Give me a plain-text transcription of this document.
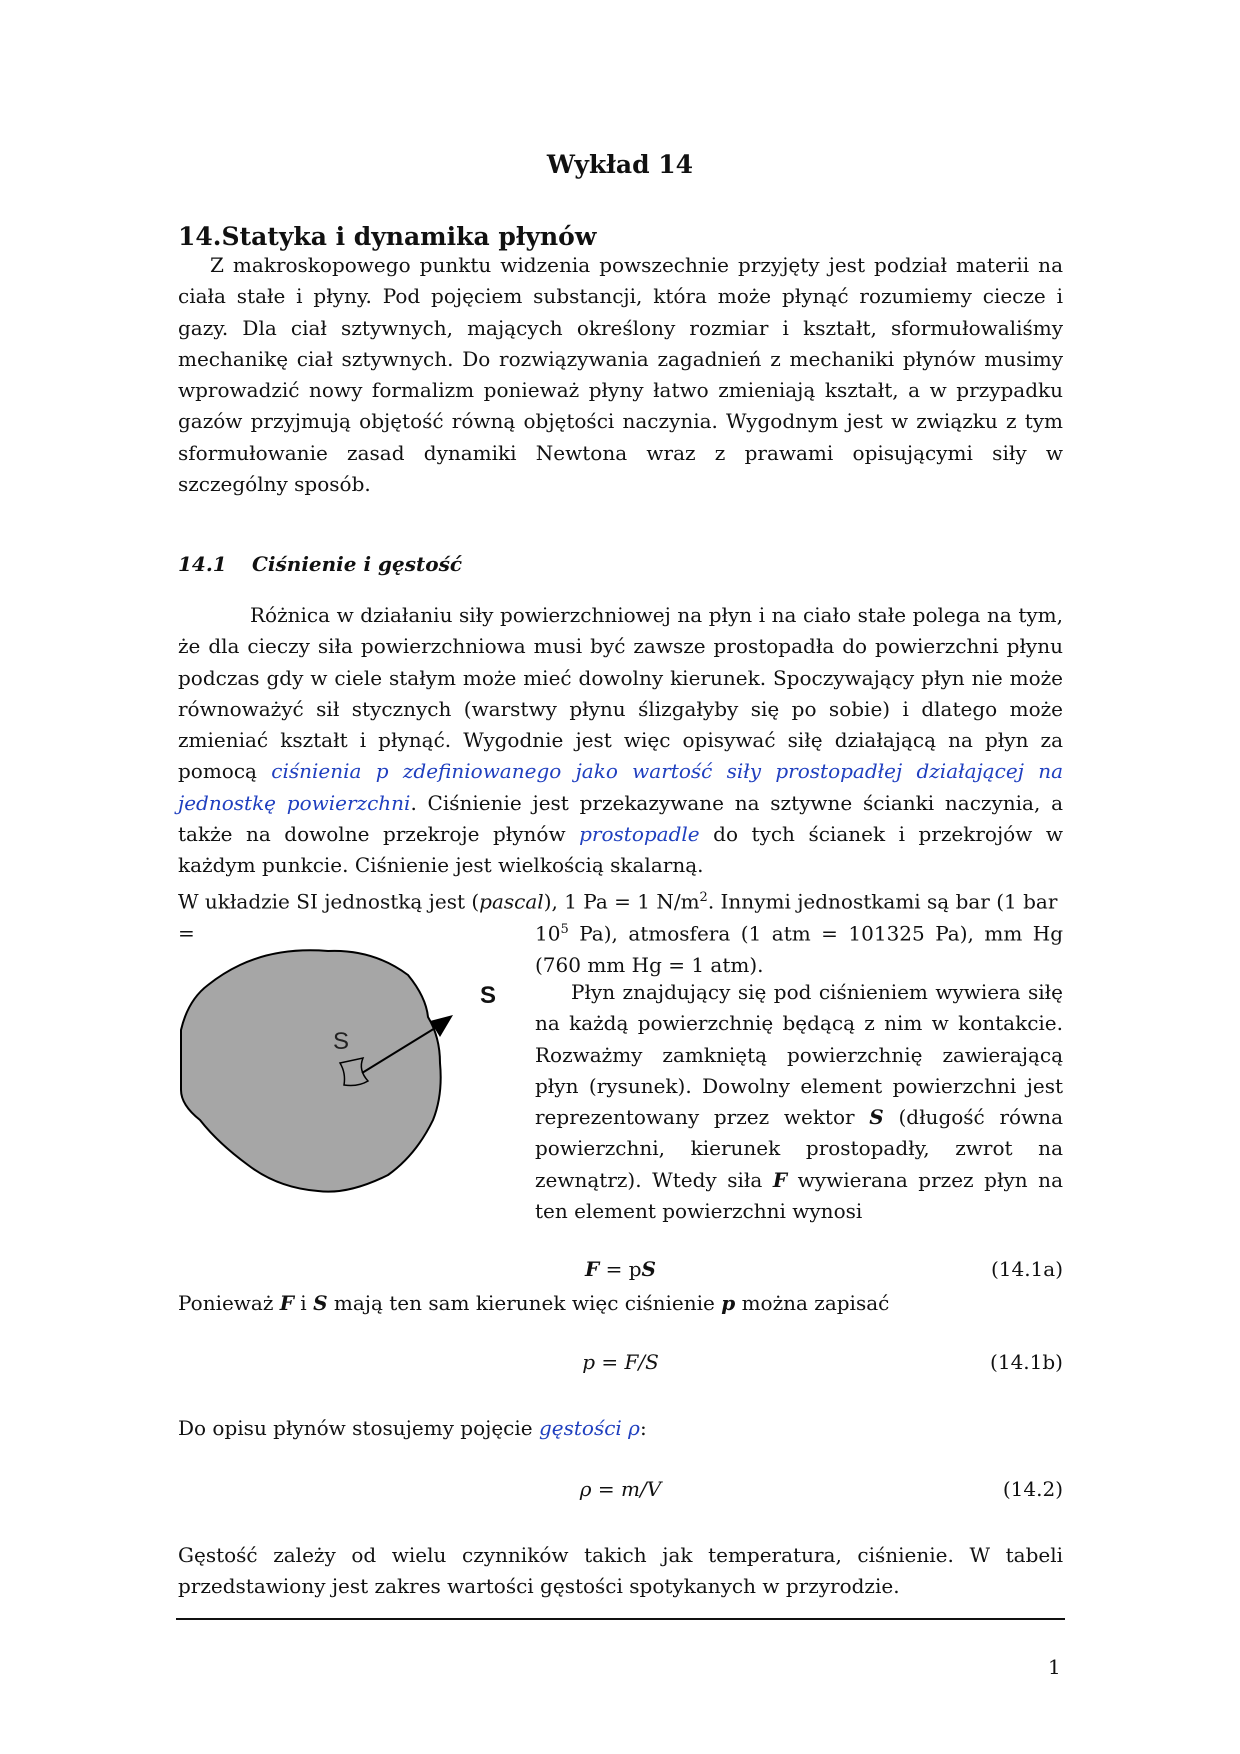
Wykład 14
14.Statyka i dynamika płynów

Z makroskopowego punktu widzenia powszechnie przyjęty jest podział materii na ciała stałe i płyny. Pod pojęciem substancji, która może płynąć rozumiemy ciecze i gazy. Dla ciał sztywnych, mających określony rozmiar i kształt, sformułowaliśmy mechanikę ciał sztywnych. Do rozwiązywania zagadnień z mechaniki płynów musimy wprowadzić nowy formalizm ponieważ płyny łatwo zmieniają kształt, a w przypadku gazów przyjmują objętość równą objętości naczynia. Wygodnym jest w związku z tym sformułowanie zasad dynamiki Newtona wraz z prawami opisującymi siły w szczególny sposób.

14.1 Ciśnienie i gęstość

Różnica w działaniu siły powierzchniowej na płyn i na ciało stałe polega na tym, że dla cieczy siła powierzchniowa musi być zawsze prostopadła do powierzchni płynu podczas gdy w ciele stałym może mieć dowolny kierunek. Spoczywający płyn nie może równoważyć sił stycznych (warstwy płynu ślizgałyby się po sobie) i dlatego może zmieniać kształt i płynąć. Wygodnie jest więc opisywać siłę działającą na płyn za pomocą ciśnienia p zdefiniowanego jako wartość siły prostopadłej działającej na jednostkę powierzchni. Ciśnienie jest przekazywane na sztywne ścianki naczynia, a także na dowolne przekroje płynów prostopadle do tych ścianek i przekrojów w każdym punkcie. Ciśnienie jest wielkością skalarną.

W układzie SI jednostką jest (pascal), 1 Pa = 1 $N/m^2$. Innymi jednostkami są bar (1 bar =	$10^5$ Pa), atmosfera (1 atm = 101325 Pa), mm Hg (760 mm Hg = 1 atm).

Płyn znajdujący się pod ciśnieniem wywiera siłę na każdą powierzchnię będącą z nim w kontakcie. Rozważmy zamkniętą powierzchnię zawierającą płyn (rysunek). Dowolny element powierzchni jest reprezentowany przez wektor S (długość równa powierzchni, kierunek prostopadły, zwrot na zewnątrz). Wtedy siła F wywierana przez płyn na ten element powierzchni wynosi

S
S
F = pS	(14.1a)

Ponieważ F i S mają ten sam kierunek więc ciśnienie p można zapisać

p = F/S	(14.1b)

Do opisu płynów stosujemy pojęcie gęstości ρ:

ρ = m/V	(14.2)

Gęstość zależy od wielu czynników takich jak temperatura, ciśnienie. W tabeli przedstawiony jest zakres wartości gęstości spotykanych w przyrodzie.

1
